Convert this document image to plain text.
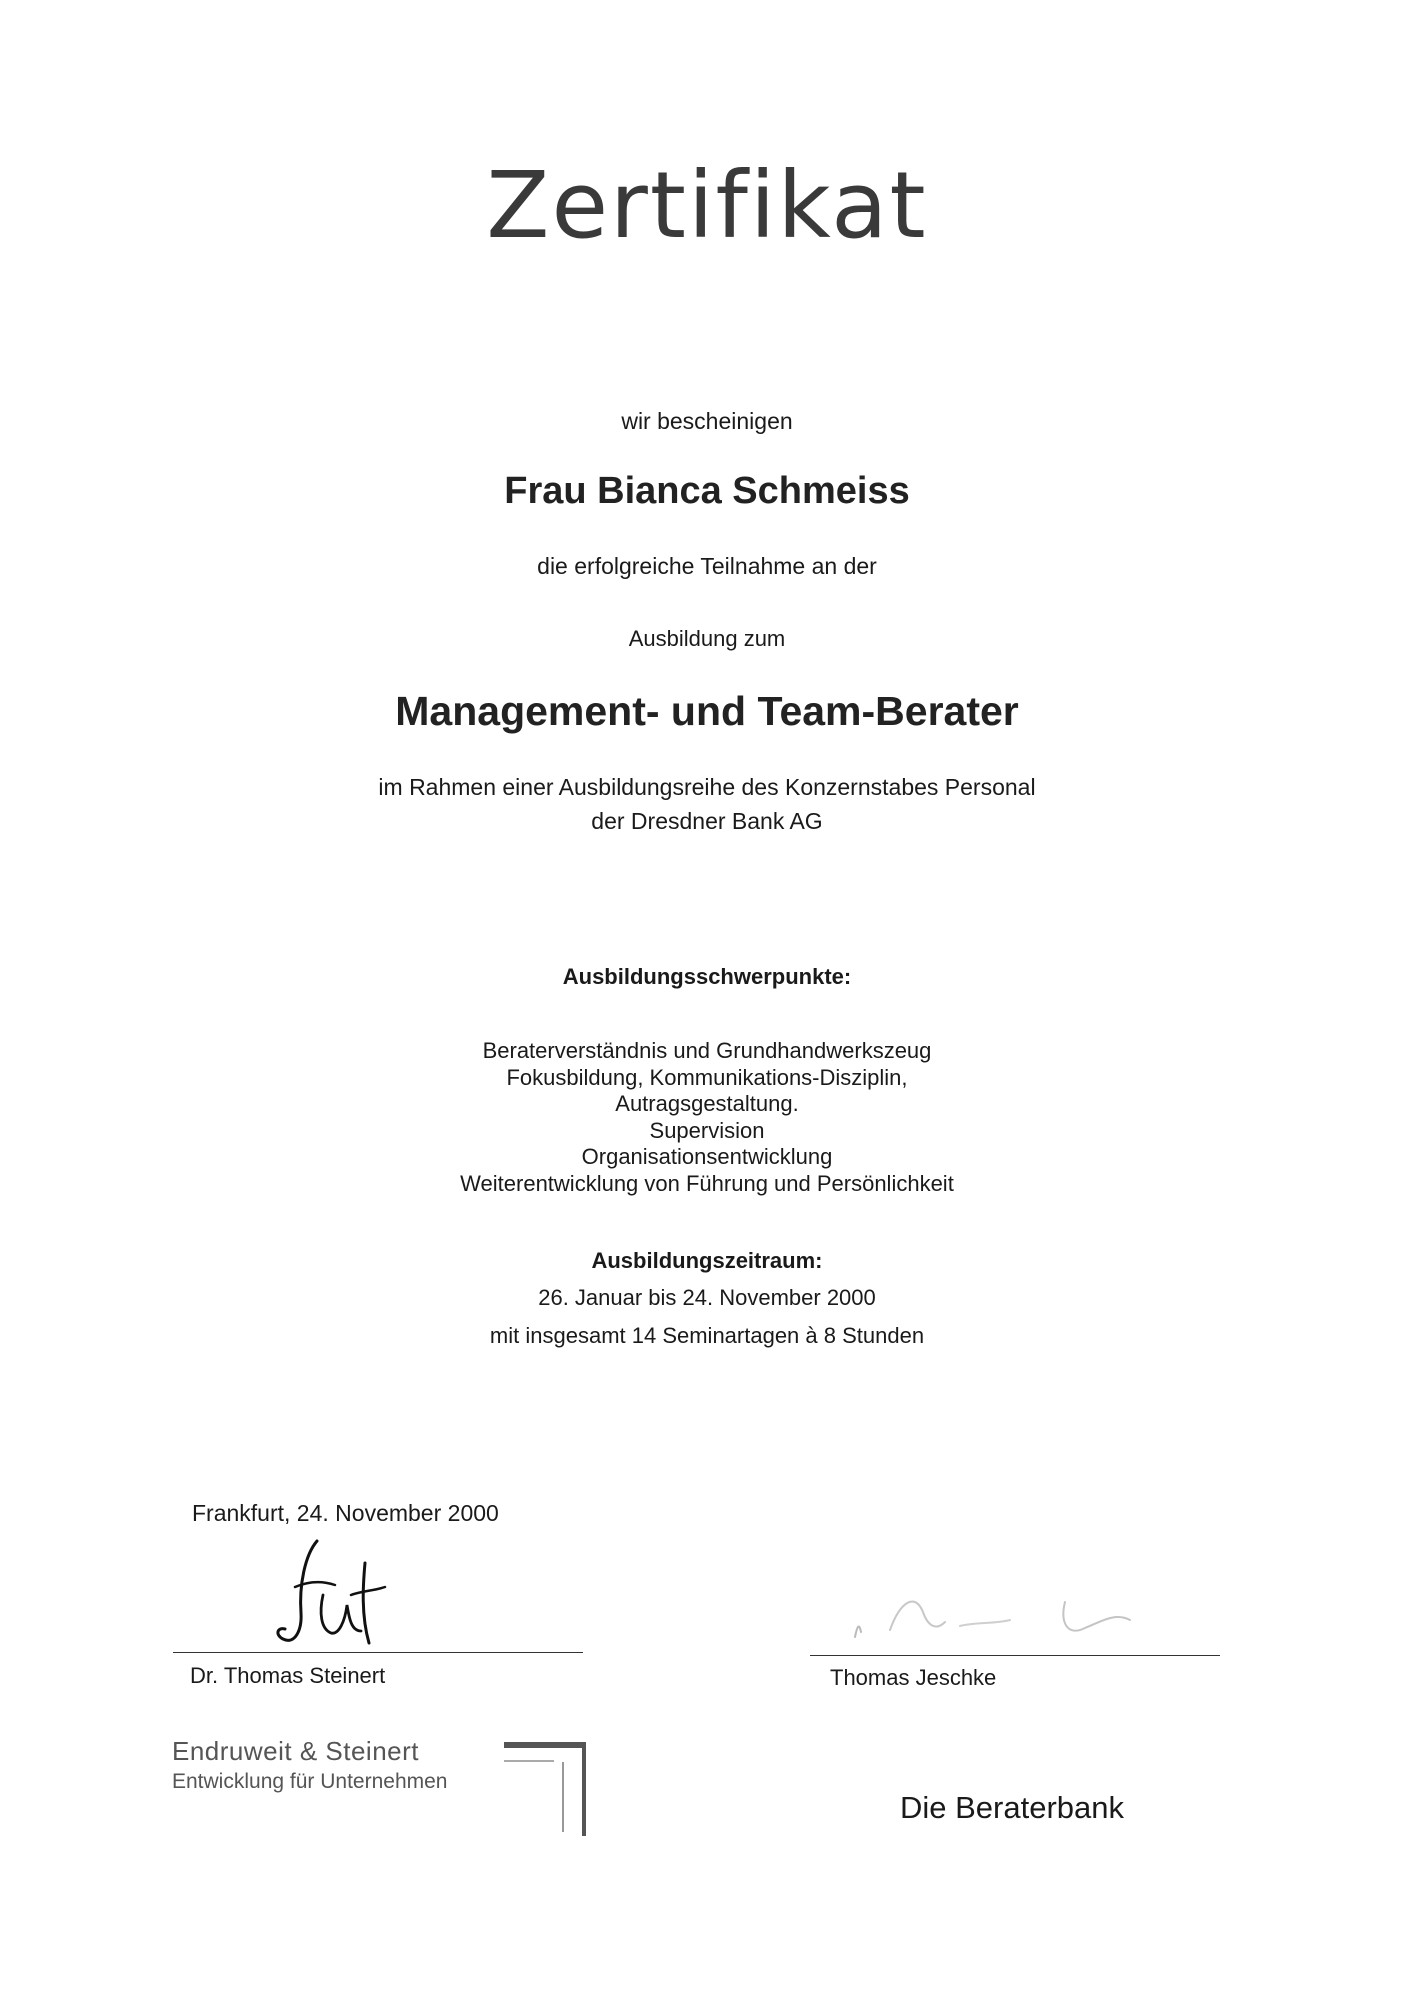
Zertifikat
wir bescheinigen
Frau Bianca Schmeiss
die erfolgreiche Teilnahme an der
Ausbildung zum
Management- und Team-Berater
im Rahmen einer Ausbildungsreihe des Konzernstabes Personal
der Dresdner Bank AG
Ausbildungsschwerpunkte:
Beraterverständnis und Grundhandwerkszeug
Fokusbildung, Kommunikations-Disziplin,
Autragsgestaltung.
Supervision
Organisationsentwicklung
Weiterentwicklung von Führung und Persönlichkeit
Ausbildungszeitraum:
26. Januar bis 24. November 2000
mit insgesamt 14 Seminartagen à 8 Stunden
Frankfurt, 24. November 2000
Dr. Thomas Steinert	Thomas Jeschke
Endruweit & Steinert
Entwicklung für Unternehmen
Die Beraterbank
